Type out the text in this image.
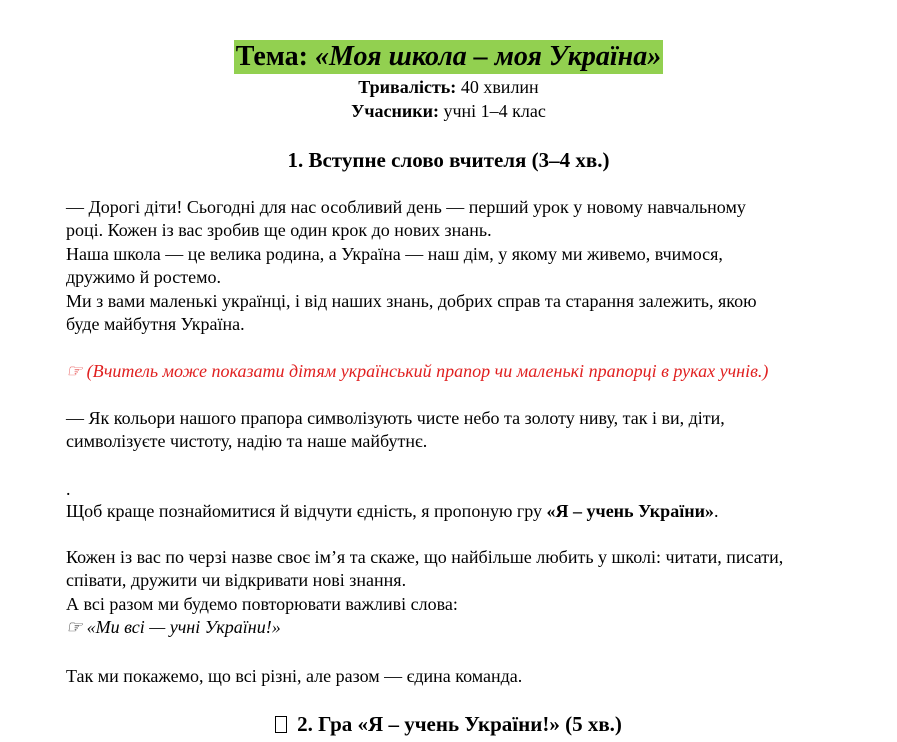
Тема: «Моя школа – моя Україна»
Тривалість: 40 хвилин
Учасники: учні 1–4 клас
1. Вступне слово вчителя (3–4 хв.)
— Дорогі діти! Сьогодні для нас особливий день — перший урок у новому навчальному
році. Кожен із вас зробив ще один крок до нових знань.
Наша школа — це велика родина, а Україна — наш дім, у якому ми живемо, вчимося,
дружимо й ростемо.
Ми з вами маленькі українці, і від наших знань, добрих справ та старання залежить, якою
буде майбутня Україна.
☞ (Вчитель може показати дітям український прапор чи маленькі прапорці в руках учнів.)
— Як кольори нашого прапора символізують чисте небо та золоту ниву, так і ви, діти,
символізуєте чистоту, надію та наше майбутнє.
.
Щоб краще познайомитися й відчути єдність, я пропоную гру «Я – учень України».
Кожен із вас по черзі назве своє ім’я та скаже, що найбільше любить у школі: читати, писати,
співати, дружити чи відкривати нові знання.
А всі разом ми будемо повторювати важливі слова:
☞ «Ми всі — учні України!»
Так ми покажемо, що всі різні, але разом — єдина команда.
2. Гра «Я – учень України!» (5 хв.)
